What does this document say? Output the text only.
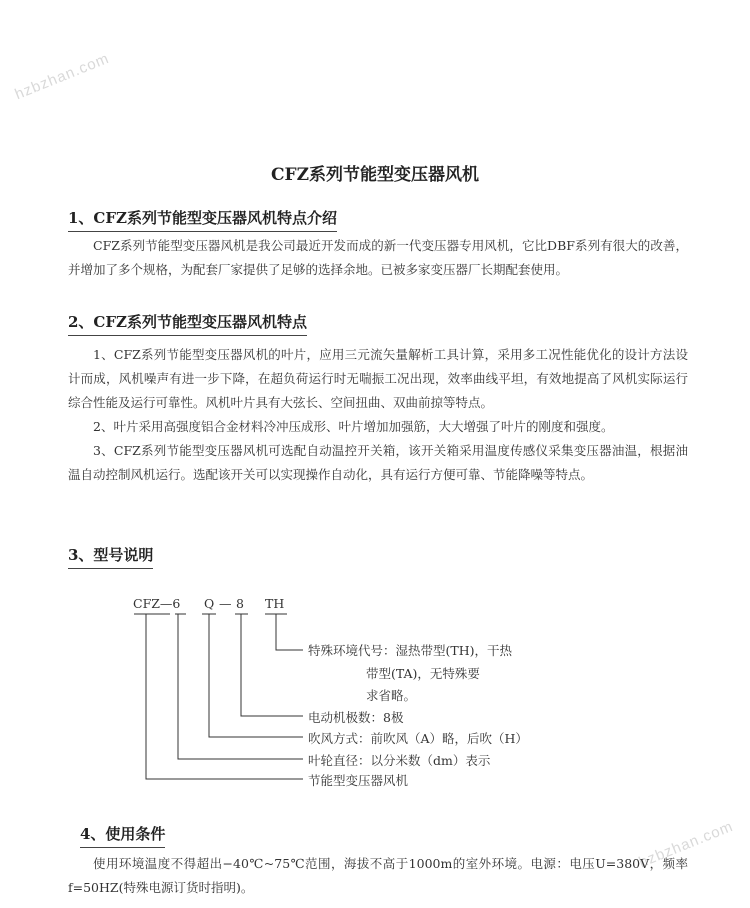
hzbzhan.com
hzbzhan.com
CFZ系列节能型变压器风机
1、CFZ系列节能型变压器风机特点介绍
CFZ系列节能型变压器风机是我公司最近开发而成的新一代变压器专用风机，它比DBF系列有很大的改善，并增加了多个规格，为配套厂家提供了足够的选择余地。已被多家变压器厂长期配套使用。
2、CFZ系列节能型变压器风机特点
1、CFZ系列节能型变压器风机的叶片，应用三元流矢量解析工具计算，采用多工况性能优化的设计方法设计而成，风机噪声有进一步下降，在超负荷运行时无喘振工况出现，效率曲线平坦，有效地提高了风机实际运行综合性能及运行可靠性。风机叶片具有大弦长、空间扭曲、双曲前掠等特点。
2、叶片采用高强度铝合金材料冷冲压成形、叶片增加加强筋，大大增强了叶片的刚度和强度。
3、CFZ系列节能型变压器风机可选配自动温控开关箱，该开关箱采用温度传感仪采集变压器油温，根据油温自动控制风机运行。选配该开关可以实现操作自动化，具有运行方便可靠、节能降噪等特点。
3、型号说明
CFZ—6 Q — 8 TH
特殊环境代号：湿热带型(TH)，干热
带型(TA)，无特殊要
求省略。
电动机极数：8极
吹风方式：前吹风（A）略，后吹（H）
叶轮直径：以分米数（dm）表示
节能型变压器风机
4、使用条件
使用环境温度不得超出−40℃~75℃范围，海拔不高于1000m的室外环境。电源：电压U=380V，频率f=50HZ(特殊电源订货时指明)。
